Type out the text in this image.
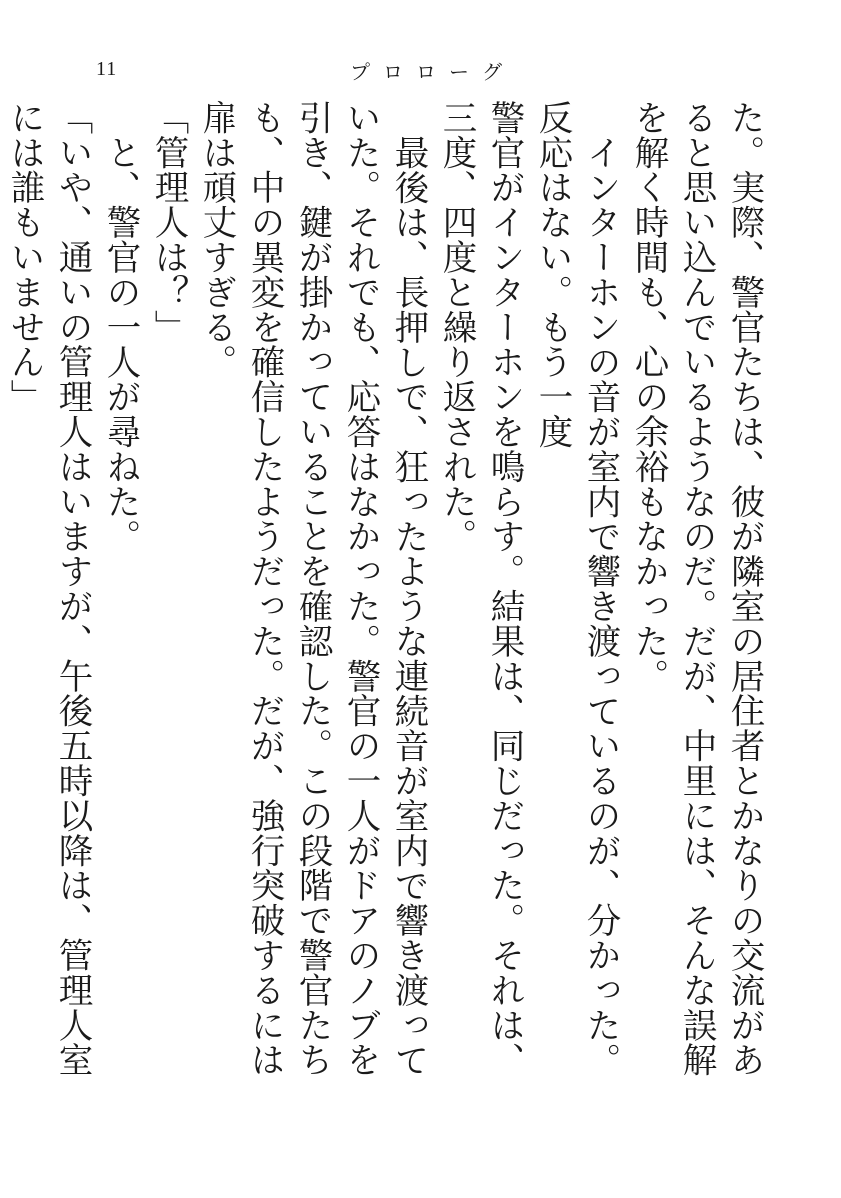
11	プロローグ

た。実際、警官たちは、彼が隣室の居住者とかなりの交流があると思い込んでいるようなのだ。だが、中里には、そんな誤解を解く時間も、心の余裕もなかった。

インターホンの音が室内で響き渡っているのが、分かった。反応はない。もう一度

警官がインターホンを鳴らす。結果は、同じだった。それは、三度、四度と繰り返された。

最後は、長押しで、狂ったような連続音が室内で響き渡っていた。それでも、応答はなかった。警官の一人がドアのノブを引き、鍵が掛かっていることを確認した。この段階で警官たちも、中の異変を確信したようだった。だが、強行突破するには扉は頑丈すぎる。

「管理人は？」

と、警官の一人が尋ねた。

「いや、通いの管理人はいますが、午後五時以降は、管理人室には誰もいません」
